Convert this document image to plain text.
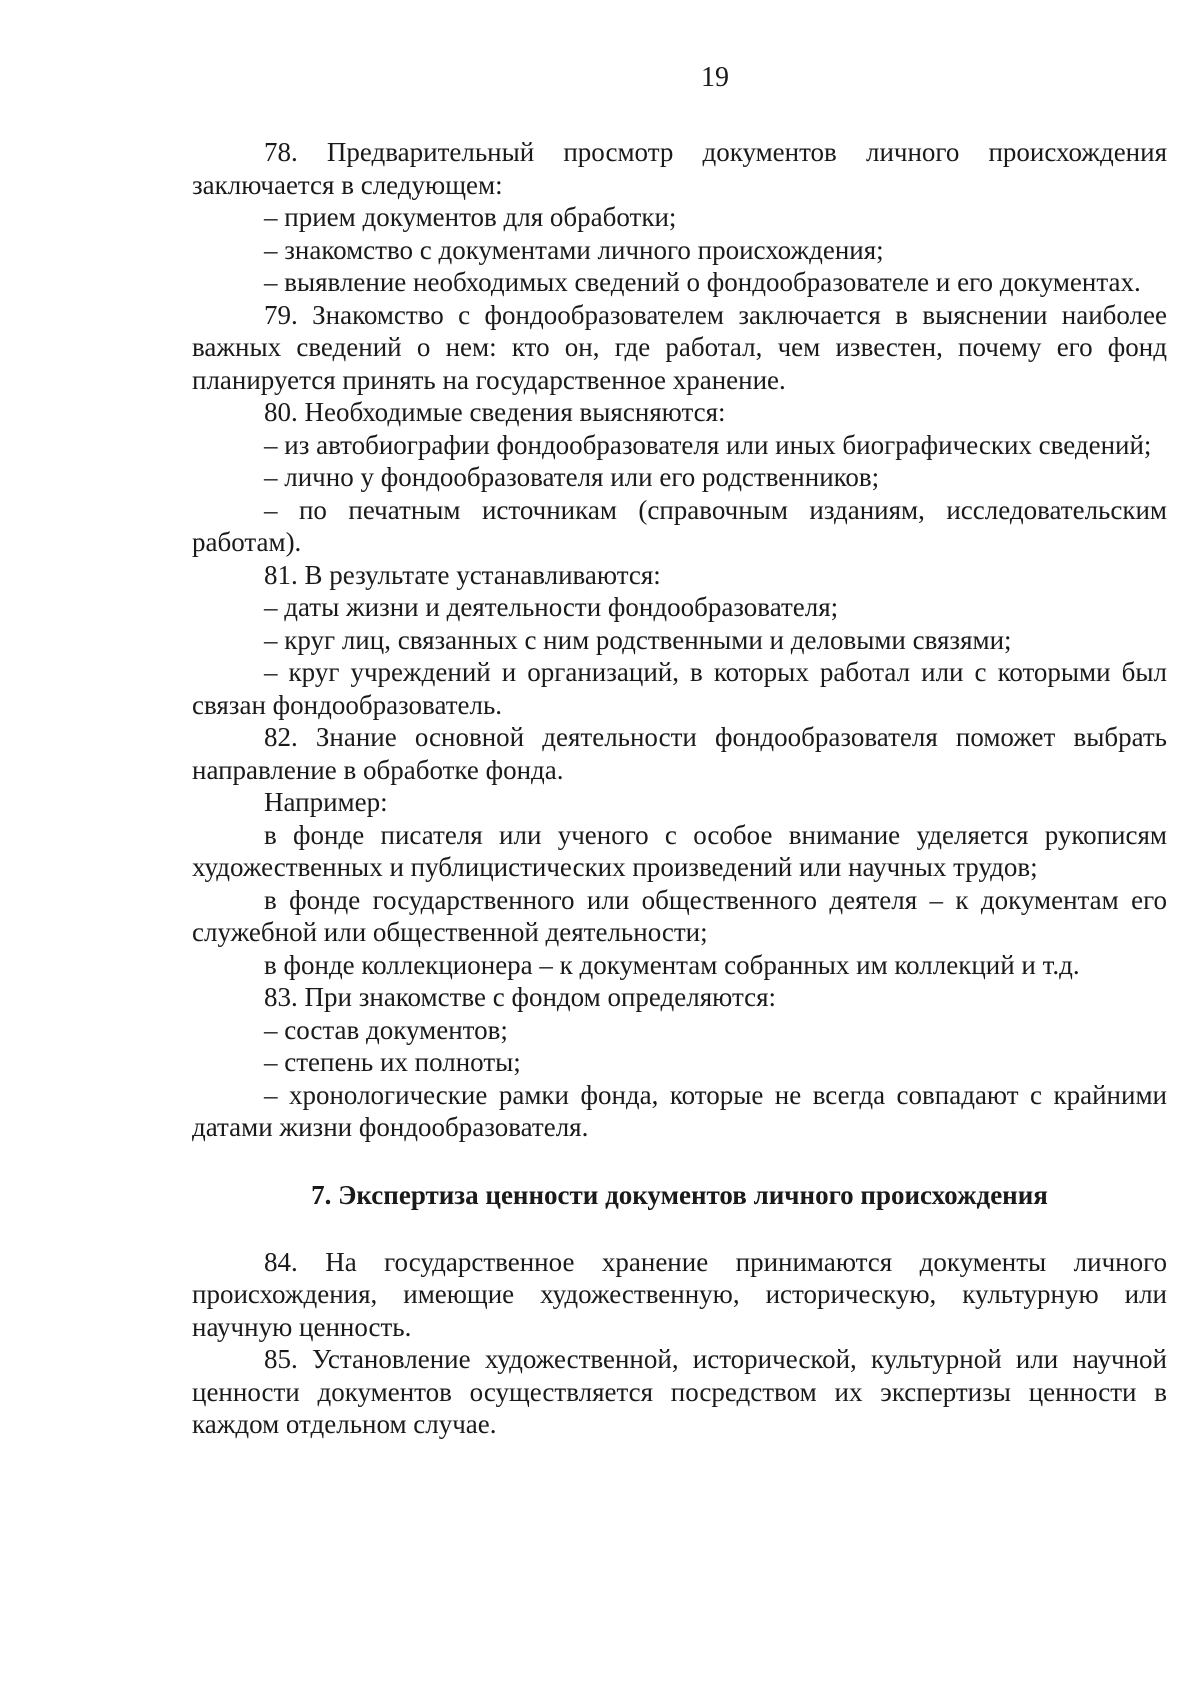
19

78. Предварительный просмотр документов личного происхождения заключается в следующем:

– прием документов для обработки;

– знакомство с документами личного происхождения;

– выявление необходимых сведений о фондообразователе и его документах.

79. Знакомство с фондообразователем заключается в выяснении наиболее важных сведений о нем: кто он, где работал, чем известен, почему его фонд планируется принять на государственное хранение.

80. Необходимые сведения выясняются:

– из автобиографии фондообразователя или иных биографических сведений;

– лично у фондообразователя или его родственников;

– по печатным источникам (справочным изданиям, исследовательским работам).

81. В результате устанавливаются:

– даты жизни и деятельности фондообразователя;

– круг лиц, связанных с ним родственными и деловыми связями;

– круг учреждений и организаций, в которых работал или с которыми был связан фондообразователь.

82. Знание основной деятельности фондообразователя поможет выбрать направление в обработке фонда.

Например:

в фонде писателя или ученого с особое внимание уделяется рукописям художественных и публицистических произведений или научных трудов;

в фонде государственного или общественного деятеля – к документам его служебной или общественной деятельности;

в фонде коллекционера – к документам собранных им коллекций и т.д.

83. При знакомстве с фондом определяются:

– состав документов;

– степень их полноты;

– хронологические рамки фонда, которые не всегда совпадают с крайними датами жизни фондообразователя.

7. Экспертиза ценности документов личного происхождения

84. На государственное хранение принимаются документы личного происхождения, имеющие художественную, историческую, культурную или научную ценность.

85. Установление художественной, исторической, культурной или научной ценности документов осуществляется посредством их экспертизы ценности в каждом отдельном случае.
